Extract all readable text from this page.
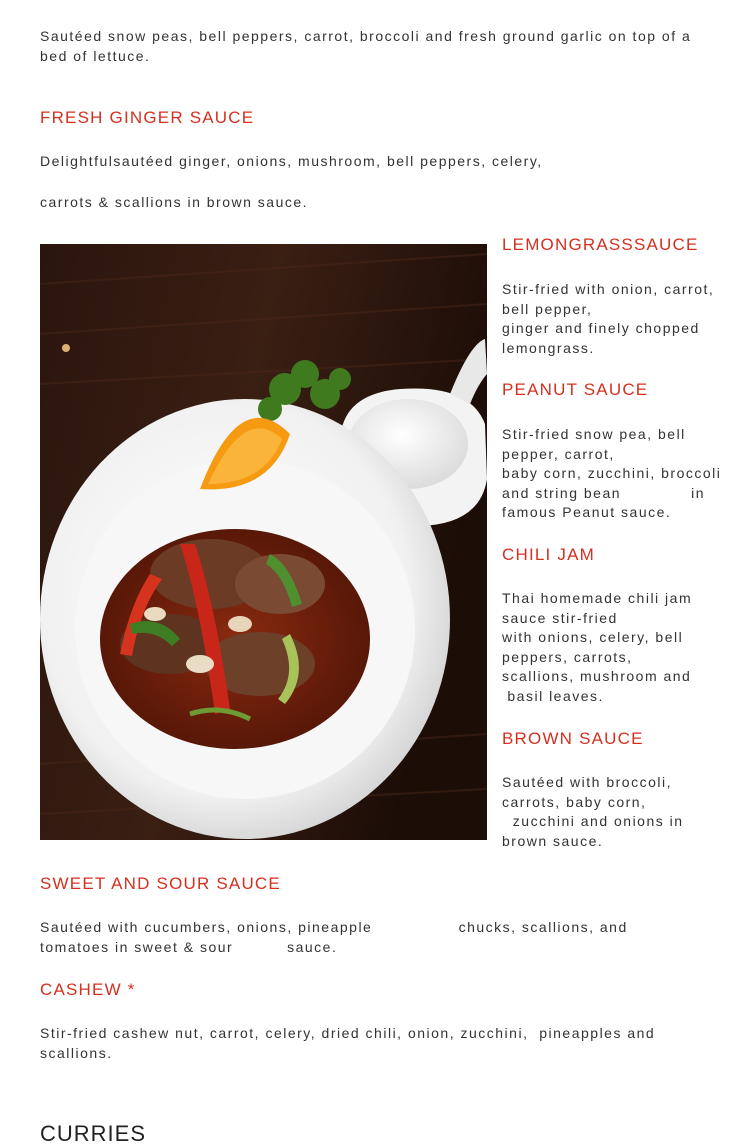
Sautéed snow peas, bell peppers, carrot, broccoli and fresh ground garlic on top of a
bed of lettuce.

FRESH GINGER SAUCE

Delightfulsautéed ginger, onions, mushroom, bell peppers, celery,

carrots & scallions in brown sauce.

LEMONGRASSSAUCE

Stir-fried with onion, carrot,
bell pepper,
ginger and finely chopped
lemongrass.

PEANUT SAUCE

Stir-fried snow pea, bell
pepper, carrot,
baby corn, zucchini, broccoli
and string bean             in
famous Peanut sauce.

CHILI JAM

Thai homemade chili jam
sauce stir-fried
with onions, celery, bell
peppers, carrots,
scallions, mushroom and
basil leaves.

BROWN SAUCE

Sautéed with broccoli,
carrots, baby corn,
zucchini and onions in
brown sauce.

SWEET AND SOUR SAUCE

Sautéed with cucumbers, onions, pineapple                chucks, scallions, and
tomatoes in sweet & sour          sauce.

CASHEW *

Stir-fried cashew nut, carrot, celery, dried chili, onion, zucchini,  pineapples and
scallions.

CURRIES
